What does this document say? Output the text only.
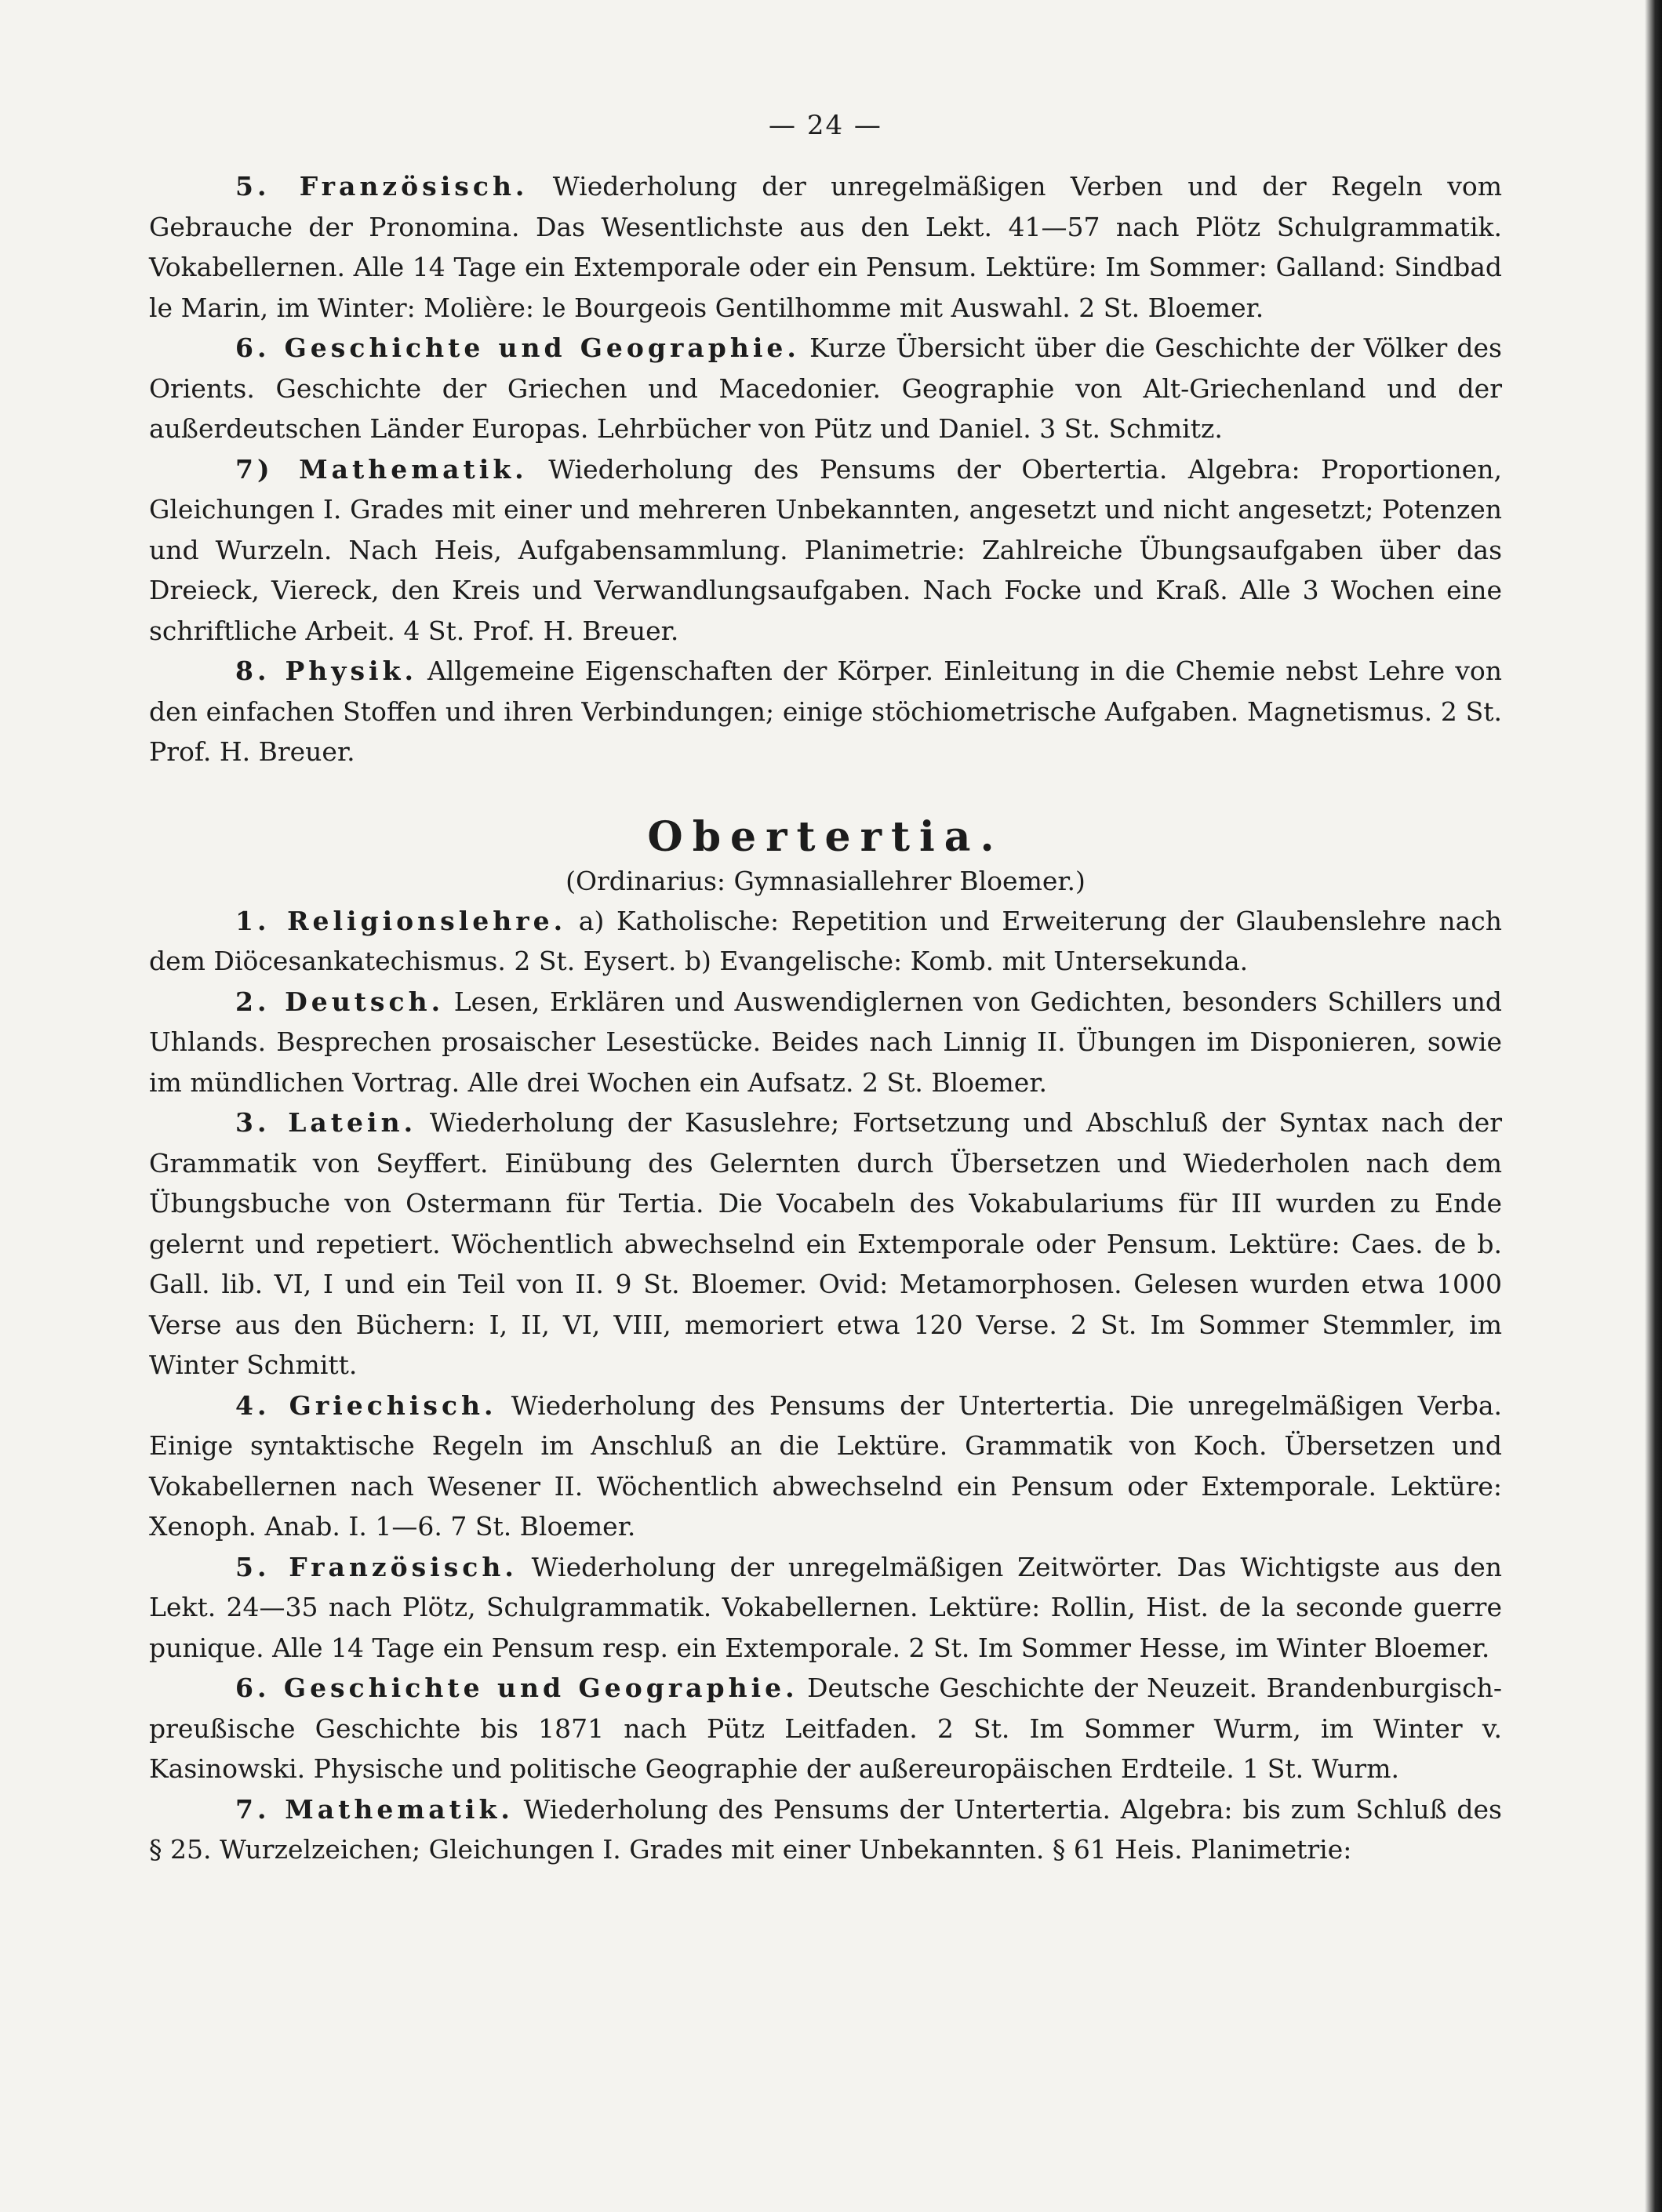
— 24 —

5. Französisch. Wiederholung der unregelmäßigen Verben und der Regeln vom Gebrauche der Pronomina. Das Wesentlichste aus den Lekt. 41—57 nach Plötz Schulgrammatik. Vokabellernen. Alle 14 Tage ein Extemporale oder ein Pensum. Lektüre: Im Sommer: Galland: Sindbad le Marin, im Winter: Molière: le Bourgeois Gentilhomme mit Auswahl. 2 St. Bloemer.

6. Geschichte und Geographie. Kurze Übersicht über die Geschichte der Völker des Orients. Geschichte der Griechen und Macedonier. Geographie von Alt-Griechenland und der außerdeutschen Länder Europas. Lehrbücher von Pütz und Daniel. 3 St. Schmitz.

7) Mathematik. Wiederholung des Pensums der Obertertia. Algebra: Proportionen, Gleichungen I. Grades mit einer und mehreren Unbekannten, angesetzt und nicht angesetzt; Potenzen und Wurzeln. Nach Heis, Aufgabensammlung. Planimetrie: Zahlreiche Übungsaufgaben über das Dreieck, Viereck, den Kreis und Verwandlungsaufgaben. Nach Focke und Kraß. Alle 3 Wochen eine schriftliche Arbeit. 4 St. Prof. H. Breuer.

8. Physik. Allgemeine Eigenschaften der Körper. Einleitung in die Chemie nebst Lehre von den einfachen Stoffen und ihren Verbindungen; einige stöchiometrische Aufgaben. Magnetismus. 2 St. Prof. H. Breuer.

Obertertia.
(Ordinarius: Gymnasiallehrer Bloemer.)

1. Religionslehre. a) Katholische: Repetition und Erweiterung der Glaubenslehre nach dem Diöcesankatechismus. 2 St. Eysert. b) Evangelische: Komb. mit Untersekunda.

2. Deutsch. Lesen, Erklären und Auswendiglernen von Gedichten, besonders Schillers und Uhlands. Besprechen prosaischer Lesestücke. Beides nach Linnig II. Übungen im Disponieren, sowie im mündlichen Vortrag. Alle drei Wochen ein Aufsatz. 2 St. Bloemer.

3. Latein. Wiederholung der Kasuslehre; Fortsetzung und Abschluß der Syntax nach der Grammatik von Seyffert. Einübung des Gelernten durch Übersetzen und Wiederholen nach dem Übungsbuche von Ostermann für Tertia. Die Vocabeln des Vokabulariums für III wurden zu Ende gelernt und repetiert. Wöchentlich abwechselnd ein Extemporale oder Pensum. Lektüre: Caes. de b. Gall. lib. VI, I und ein Teil von II. 9 St. Bloemer. Ovid: Metamorphosen. Gelesen wurden etwa 1000 Verse aus den Büchern: I, II, VI, VIII, memoriert etwa 120 Verse. 2 St. Im Sommer Stemmler, im Winter Schmitt.

4. Griechisch. Wiederholung des Pensums der Untertertia. Die unregelmäßigen Verba. Einige syntaktische Regeln im Anschluß an die Lektüre. Grammatik von Koch. Übersetzen und Vokabellernen nach Wesener II. Wöchentlich abwechselnd ein Pensum oder Extemporale. Lektüre: Xenoph. Anab. I. 1—6. 7 St. Bloemer.

5. Französisch. Wiederholung der unregelmäßigen Zeitwörter. Das Wichtigste aus den Lekt. 24—35 nach Plötz, Schulgrammatik. Vokabellernen. Lektüre: Rollin, Hist. de la seconde guerre punique. Alle 14 Tage ein Pensum resp. ein Extemporale. 2 St. Im Sommer Hesse, im Winter Bloemer.

6. Geschichte und Geographie. Deutsche Geschichte der Neuzeit. Brandenburgisch-preußische Geschichte bis 1871 nach Pütz Leitfaden. 2 St. Im Sommer Wurm, im Winter v. Kasinowski. Physische und politische Geographie der außereuropäischen Erdteile. 1 St. Wurm.

7. Mathematik. Wiederholung des Pensums der Untertertia. Algebra: bis zum Schluß des § 25. Wurzelzeichen; Gleichungen I. Grades mit einer Unbekannten. § 61 Heis. Planimetrie:
